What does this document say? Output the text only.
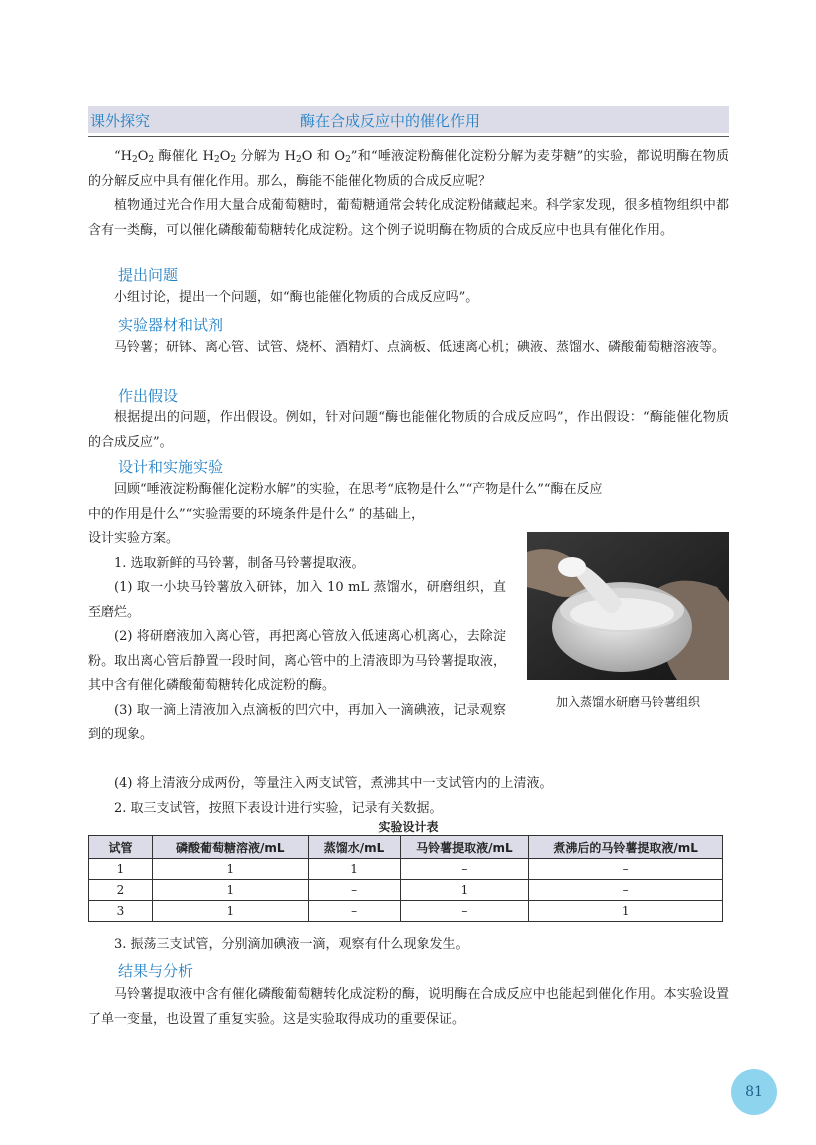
课外探究	酶在合成反应中的催化作用

“$H_2O_2$ 酶催化 $H_2O_2$ 分解为 $H_2O$ 和 $O_2$”和“唾液淀粉酶催化淀粉分解为麦芽糖”的实验，都说明酶在物质的分解反应中具有催化作用。那么，酶能不能催化物质的合成反应呢？

植物通过光合作用大量合成葡萄糖时，葡萄糖通常会转化成淀粉储藏起来。科学家发现，很多植物组织中都含有一类酶，可以催化磷酸葡萄糖转化成淀粉。这个例子说明酶在物质的合成反应中也具有催化作用。

提出问题

小组讨论，提出一个问题，如“酶也能催化物质的合成反应吗”。

实验器材和试剂

马铃薯；研钵、离心管、试管、烧杯、酒精灯、点滴板、低速离心机；碘液、蒸馏水、磷酸葡萄糖溶液等。

作出假设

根据提出的问题，作出假设。例如，针对问题“酶也能催化物质的合成反应吗”，作出假设：“酶能催化物质的合成反应”。

设计和实施实验

回顾“唾液淀粉酶催化淀粉水解”的实验，在思考“底物是什么”“产物是什么”“酶在反应

中的作用是什么”“实验需要的环境条件是什么” 的基础上，

设计实验方案。

1. 选取新鲜的马铃薯，制备马铃薯提取液。

(1) 取一小块马铃薯放入研钵，加入 10 mL 蒸馏水，研磨组织，直至磨烂。

(2) 将研磨液加入离心管，再把离心管放入低速离心机离心，去除淀粉。取出离心管后静置一段时间，离心管中的上清液即为马铃薯提取液，其中含有催化磷酸葡萄糖转化成淀粉的酶。

(3) 取一滴上清液加入点滴板的凹穴中，再加入一滴碘液，记录观察到的现象。

加入蒸馏水研磨马铃薯组织

(4) 将上清液分成两份，等量注入两支试管，煮沸其中一支试管内的上清液。

2. 取三支试管，按照下表设计进行实验，记录有关数据。

实验设计表
试管	磷酸葡萄糖溶液/mL	蒸馏水/mL	马铃薯提取液/mL	煮沸后的马铃薯提取液/mL
1	1	1	–	–
2	1	–	1	–
3	1	–	–	1

3. 振荡三支试管，分别滴加碘液一滴，观察有什么现象发生。

结果与分析

马铃薯提取液中含有催化磷酸葡萄糖转化成淀粉的酶，说明酶在合成反应中也能起到催化作用。本实验设置了单一变量，也设置了重复实验。这是实验取得成功的重要保证。

81
